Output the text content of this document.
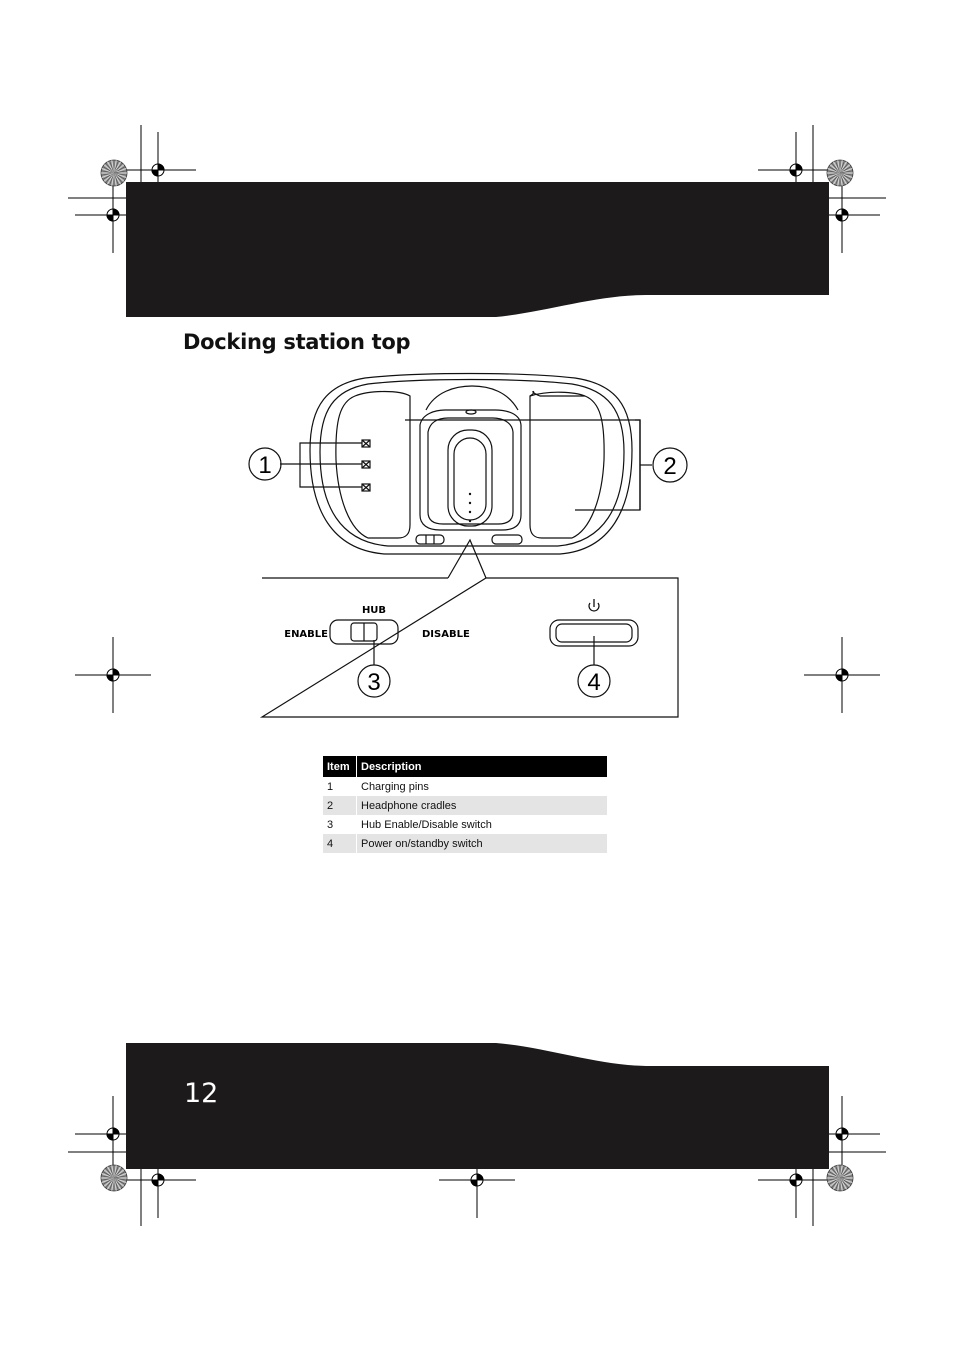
Docking station top
1	2
3	4
HUB
ENABLE	DISABLE
Item	Description
1	Charging pins
2	Headphone cradles
3	Hub Enable/Disable switch
4	Power on/standby switch
12
